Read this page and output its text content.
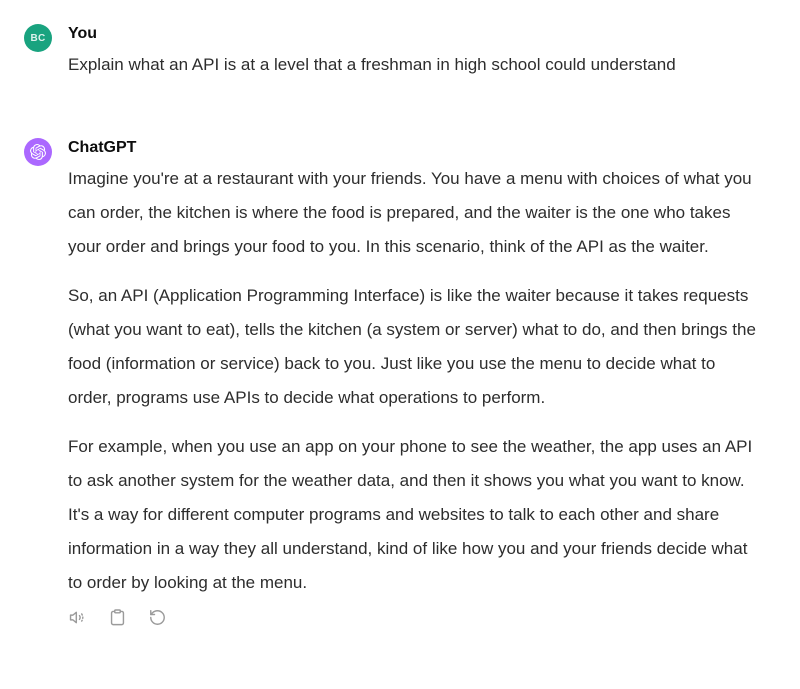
BC You
Explain what an API is at a level that a freshman in high school could understand
ChatGPT

Imagine you're at a restaurant with your friends. You have a menu with choices of what you can order, the kitchen is where the food is prepared, and the waiter is the one who takes your order and brings your food to you. In this scenario, think of the API as the waiter.

So, an API (Application Programming Interface) is like the waiter because it takes requests (what you want to eat), tells the kitchen (a system or server) what to do, and then brings the food (information or service) back to you. Just like you use the menu to decide what to order, programs use APIs to decide what operations to perform.

For example, when you use an app on your phone to see the weather, the app uses an API to ask another system for the weather data, and then it shows you what you want to know. It's a way for different computer programs and websites to talk to each other and share information in a way they all understand, kind of like how you and your friends decide what to order by looking at the menu.
